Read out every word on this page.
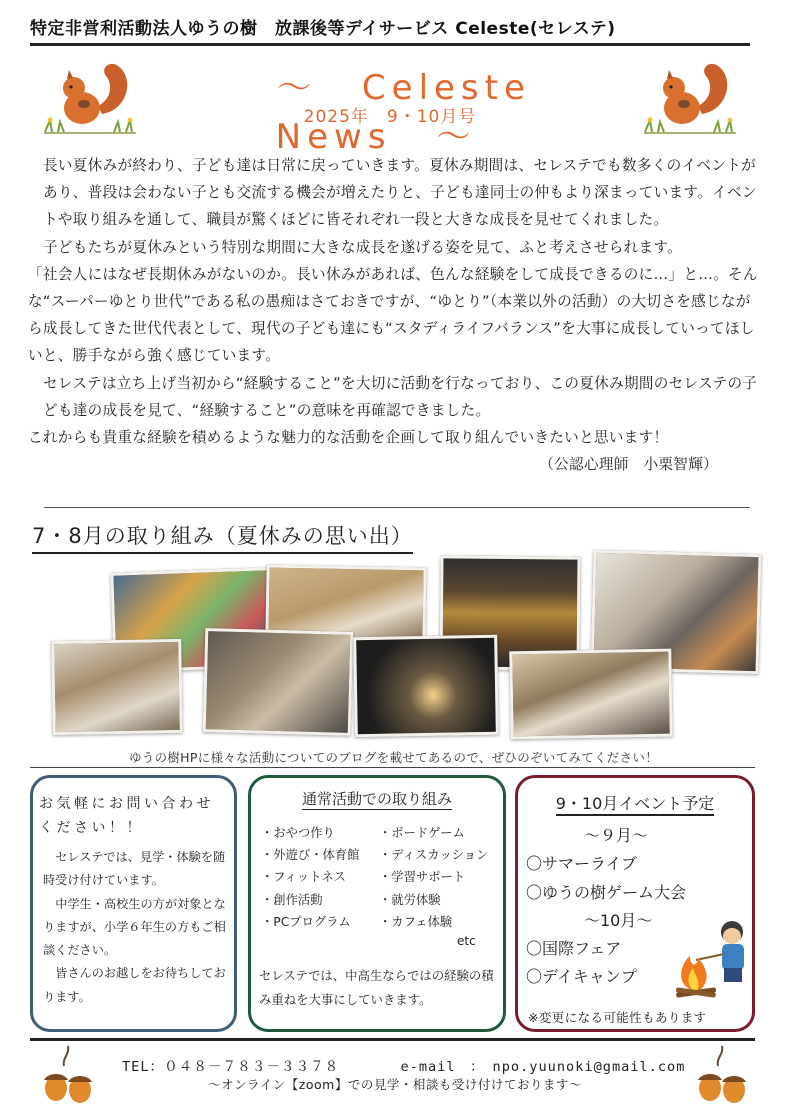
特定非営利活動法人ゆうの樹　放課後等デイサービス Celeste(セレステ)
～ Celeste　News ～
2025年　9・10月号

長い夏休みが終わり、子ども達は日常に戻っていきます。夏休み期間は、セレステでも数多くのイベントがあり、普段は会わない子とも交流する機会が増えたりと、子ども達同士の仲もより深まっています。イベントや取り組みを通して、職員が驚くほどに皆それぞれ一段と大きな成長を見せてくれました。

子どもたちが夏休みという特別な期間に大きな成長を遂げる姿を見て、ふと考えさせられます。

「社会人にはなぜ長期休みがないのか。長い休みがあれば、色んな経験をして成長できるのに…」と…。そんな“スーパーゆとり世代”である私の愚痴はさておきですが、“ゆとり”（本業以外の活動）の大切さを感じながら成長してきた世代代表として、現代の子ども達にも“スタディライフバランス”を大事に成長していってほしいと、勝手ながら強く感じています。

セレステは立ち上げ当初から“経験すること”を大切に活動を行なっており、この夏休み期間のセレステの子ども達の成長を見て、“経験すること”の意味を再確認できました。

これからも貴重な経験を積めるような魅力的な活動を企画して取り組んでいきたいと思います！

（公認心理師　小栗智輝）

7・8月の取り組み（夏休みの思い出）
ゆうの樹HPに様々な活動についてのブログを載せてあるので、ぜひのぞいてみてください！
お気軽にお問い合わせください！！

セレステでは、見学・体験を随時受け付けています。

中学生・高校生の方が対象となりますが、小学６年生の方もご相談ください。

皆さんのお越しをお待ちしております。

通常活動での取り組み
・おやつ作り
・外遊び・体育館
・フィットネス
・創作活動
・PCプログラム
・ボードゲーム
・ディスカッション
・学習サポート
・就労体験
・カフェ体験
etc
セレステでは、中高生ならではの経験の積み重ねを大事にしていきます。
9・10月イベント予定
～９月～
〇サマーライブ
〇ゆうの樹ゲーム大会
～10月～
〇国際フェア
〇デイキャンプ
※変更になる可能性もあります
TEL：０４８－７８３－３３７８	e-mail　：　npo.yuunoki@gmail.com
～オンライン【zoom】での見学・相談も受け付けております～
